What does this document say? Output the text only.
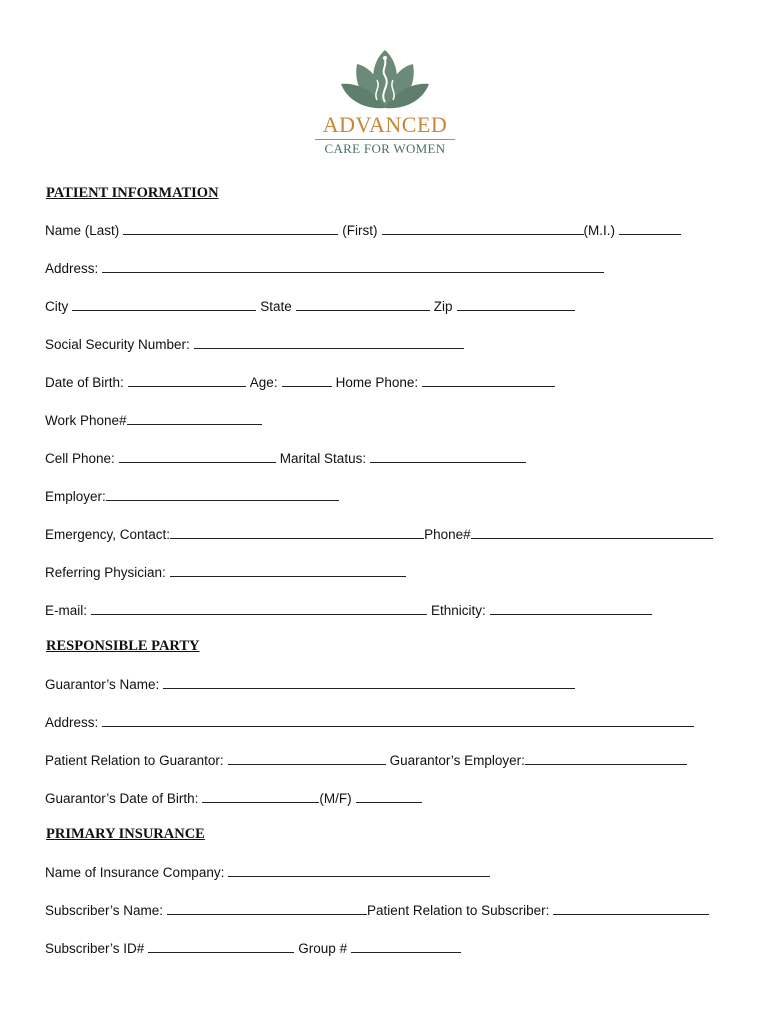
ADVANCED
CARE FOR WOMEN
PATIENT INFORMATION
Name (Last)	(First)	(M.I.)
Address:
City	State	Zip
Social Security Number:
Date of Birth:	Age:	Home Phone:
Work Phone#
Cell Phone:	Marital Status:
Employer:
Emergency, Contact:	Phone#
Referring Physician:
E-mail:	Ethnicity:
RESPONSIBLE PARTY
Guarantor’s Name:
Address:
Patient Relation to Guarantor:	Guarantor’s Employer:
Guarantor’s Date of Birth:	(M/F)
PRIMARY INSURANCE
Name of Insurance Company:
Subscriber’s Name:	Patient Relation to Subscriber:
Subscriber’s ID#	Group #
